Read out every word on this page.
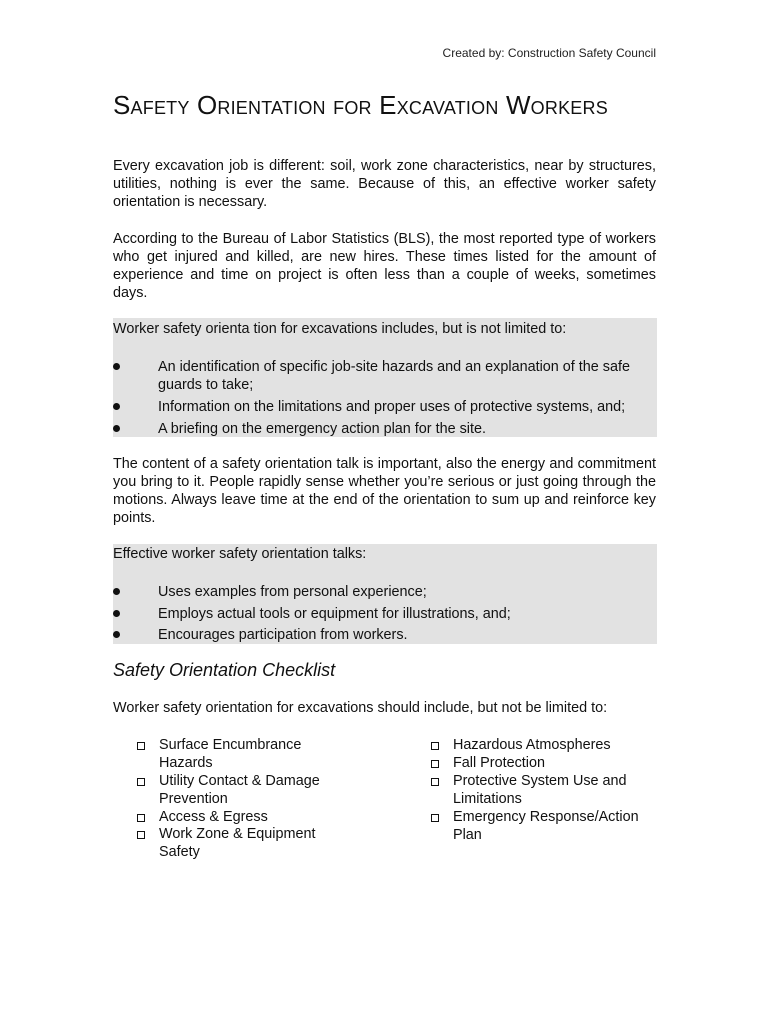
Created by: Construction Safety Council
Safety Orientation for Excavation Workers

Every excavation job is different: soil, work zone characteristics, near by structures, utilities, nothing is ever the same. Because of this, an effective worker safety orientation is necessary.

According to the Bureau of Labor Statistics (BLS), the most reported type of workers who get injured and killed, are new hires. These times listed for the amount of experience and time on project is often less than a couple of weeks, sometimes days.

Worker safety orienta tion for excavations includes, but is not limited to:
An identification of specific job-site hazards and an explanation of the safe guards to take;
Information on the limitations and proper uses of protective systems, and;
A briefing on the emergency action plan for the site.

The content of a safety orientation talk is important, also the energy and commitment you bring to it. People rapidly sense whether you’re serious or just going through the motions. Always leave time at the end of the orientation to sum up and reinforce key points.

Effective worker safety orientation talks:
Uses examples from personal experience;
Employs actual tools or equipment for illustrations, and;
Encourages participation from workers.
Safety Orientation Checklist
Worker safety orientation for excavations should include, but not be limited to:
Surface Encumbrance Hazards
Utility Contact & Damage Prevention
Access & Egress
Work Zone & Equipment Safety
Hazardous Atmospheres
Fall Protection
Protective System Use and Limitations
Emergency Response/Action Plan
